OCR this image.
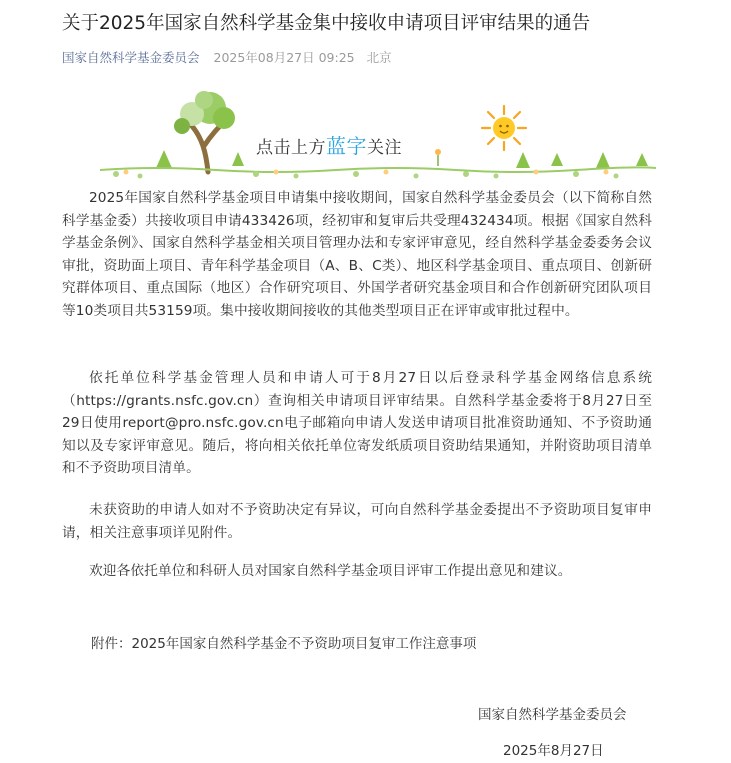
关于2025年国家自然科学基金集中接收申请项目评审结果的通告
国家自然科学基金委员会 2025年08月27日 09:25 北京
点击上方蓝字关注

2025年国家自然科学基金项目申请集中接收期间，国家自然科学基金委员会（以下简称自然科学基金委）共接收项目申请433426项，经初审和复审后共受理432434项。根据《国家自然科学基金条例》、国家自然科学基金相关项目管理办法和专家评审意见，经自然科学基金委委务会议审批，资助面上项目、青年科学基金项目（A、B、C类）、地区科学基金项目、重点项目、创新研究群体项目、重点国际（地区）合作研究项目、外国学者研究基金项目和合作创新研究团队项目等10类项目共53159项。集中接收期间接收的其他类型项目正在评审或审批过程中。

依托单位科学基金管理人员和申请人可于8月27日以后登录科学基金网络信息系统（https://grants.nsfc.gov.cn）查询相关申请项目评审结果。自然科学基金委将于8月27日至29日使用report@pro.nsfc.gov.cn电子邮箱向申请人发送申请项目批准资助通知、不予资助通知以及专家评审意见。随后，将向相关依托单位寄发纸质项目资助结果通知，并附资助项目清单和不予资助项目清单。

未获资助的申请人如对不予资助决定有异议，可向自然科学基金委提出不予资助项目复审申请，相关注意事项详见附件。

欢迎各依托单位和科研人员对国家自然科学基金项目评审工作提出意见和建议。

附件：2025年国家自然科学基金不予资助项目复审工作注意事项
国家自然科学基金委员会
2025年8月27日
